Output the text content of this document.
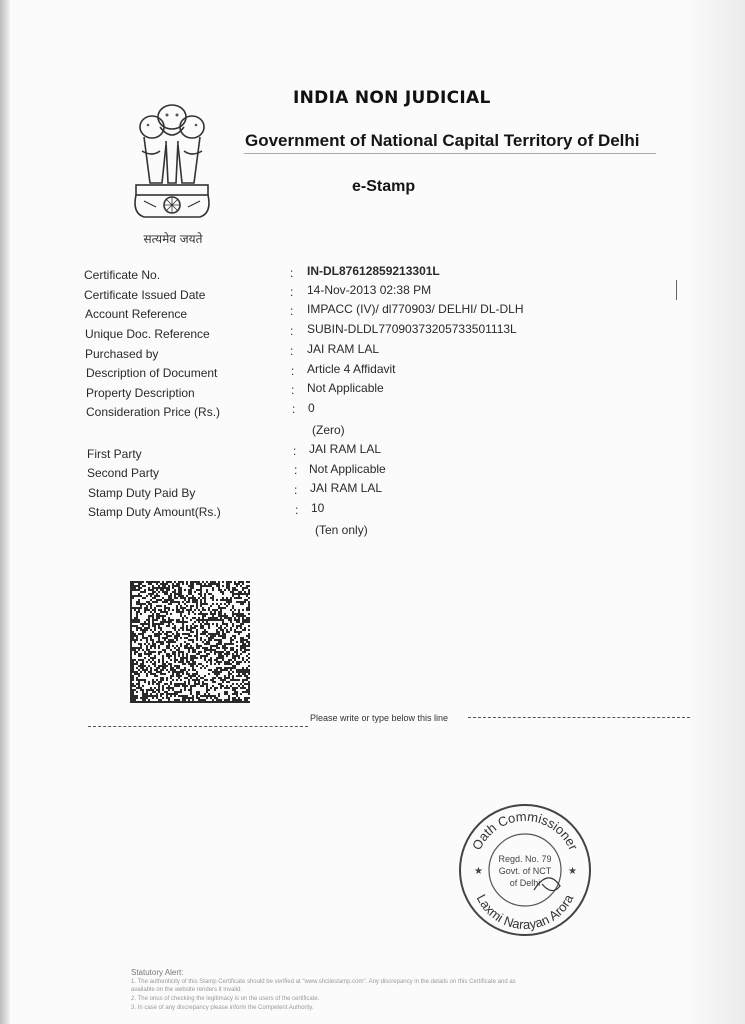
सत्यमेव जयते
INDIA NON JUDICIAL
Government of National Capital Territory of Delhi
e-Stamp
Certificate No.	: IN-DL87612859213301L
Certificate Issued Date	: 14-Nov-2013 02:38 PM
Account Reference	: IMPACC (IV)/ dl770903/ DELHI/ DL-DLH
Unique Doc. Reference	: SUBIN-DLDL77090373205733501113L
Purchased by	: JAI RAM LAL
Description of Document	: Article 4 Affidavit
Property Description	: Not Applicable
Consideration Price (Rs.)	: 0
(Zero)
First Party	: JAI RAM LAL
Second Party	: Not Applicable
Stamp Duty Paid By	: JAI RAM LAL
Stamp Duty Amount(Rs.)	: 10
(Ten only)
Please write or type below this line
Oath Commissioner
Laxmi Narayan Arora
Regd. No. 79
Govt. of NCT
of Delhi
★	★
Statutory Alert:
1. The authenticity of this Stamp Certificate should be verified at "www.shcilestamp.com". Any discrepancy in the details on this Certificate and as
available on the website renders it invalid.
2. The onus of checking the legitimacy is on the users of the certificate.
3. In case of any discrepancy please inform the Competent Authority.
